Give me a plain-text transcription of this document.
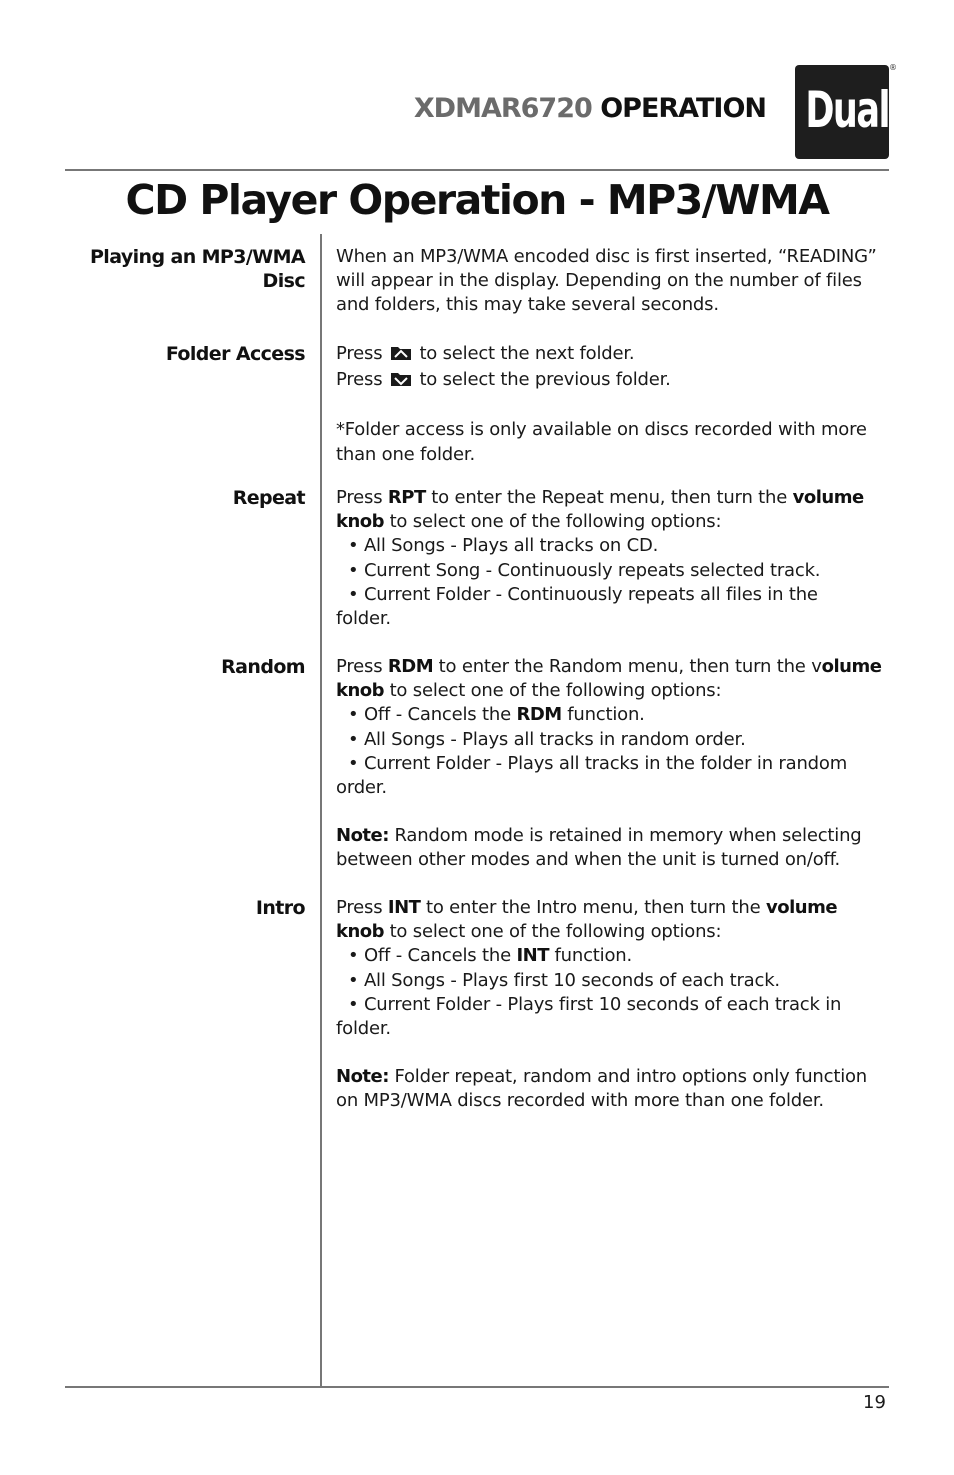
XDMAR6720 OPERATION Dual
®
CD Player Operation - MP3/WMA
Playing an MP3/WMA
Disc
Folder Access
Repeat
Random
Intro

When an MP3/WMA encoded disc is first inserted, “READING” will appear in the display. Depending on the number of files and folders, this may take several seconds.

Press to select the next folder.

Press to select the previous folder.

*Folder access is only available on discs recorded with more than one folder.

Press RPT to enter the Repeat menu, then turn the volume knob to select one of the following options:

• All Songs - Plays all tracks on CD.

• Current Song - Continuously repeats selected track.

• Current Folder - Continuously repeats all files in the

folder.

Press RDM to enter the Random menu, then turn the volume knob to select one of the following options:

• Off - Cancels the RDM function.

• All Songs - Plays all tracks in random order.

• Current Folder - Plays all tracks in the folder in random

order.

Note: Random mode is retained in memory when selecting between other modes and when the unit is turned on/off.

Press INT to enter the Intro menu, then turn the volume knob to select one of the following options:

• Off - Cancels the INT function.

• All Songs - Plays first 10 seconds of each track.

• Current Folder - Plays first 10 seconds of each track in

folder.

Note: Folder repeat, random and intro options only function on MP3/WMA discs recorded with more than one folder.

19
